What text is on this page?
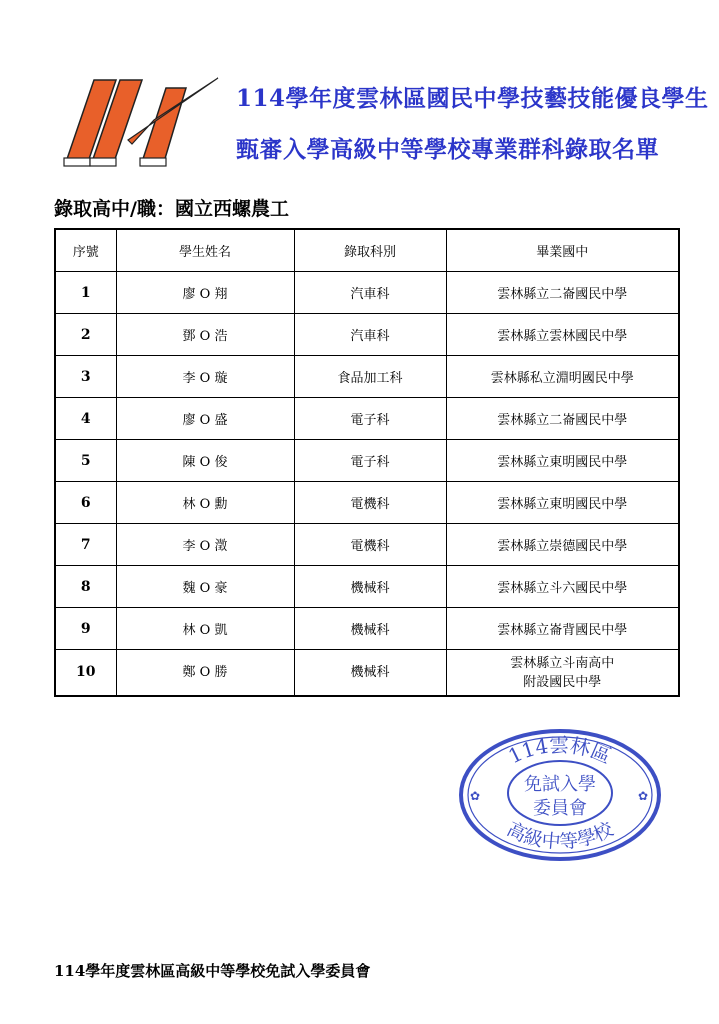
114學年度雲林區國民中學技藝技能優良學生
甄審入學高級中等學校專業群科錄取名單
錄取高中/職：國立西螺農工
序號	學生姓名	錄取科別	畢業國中
1	廖 O 翔	汽車科	雲林縣立二崙國民中學
2	鄧 O 浩	汽車科	雲林縣立雲林國民中學
3	李 O 璇	食品加工科	雲林縣私立淵明國民中學
4	廖 O 盛	電子科	雲林縣立二崙國民中學
5	陳 O 俊	電子科	雲林縣立東明國民中學
6	林 O 勳	電機科	雲林縣立東明國民中學
7	李 O 澂	電機科	雲林縣立崇德國民中學
8	魏 O 豪	機械科	雲林縣立斗六國民中學
9	林 O 凱	機械科	雲林縣立崙背國民中學
10	鄭 O 勝	機械科	雲林縣立斗南高中
附設國民中學
114雲林區
高級中等學校
免試入學
委員會
✿	✿
114學年度雲林區高級中等學校免試入學委員會
